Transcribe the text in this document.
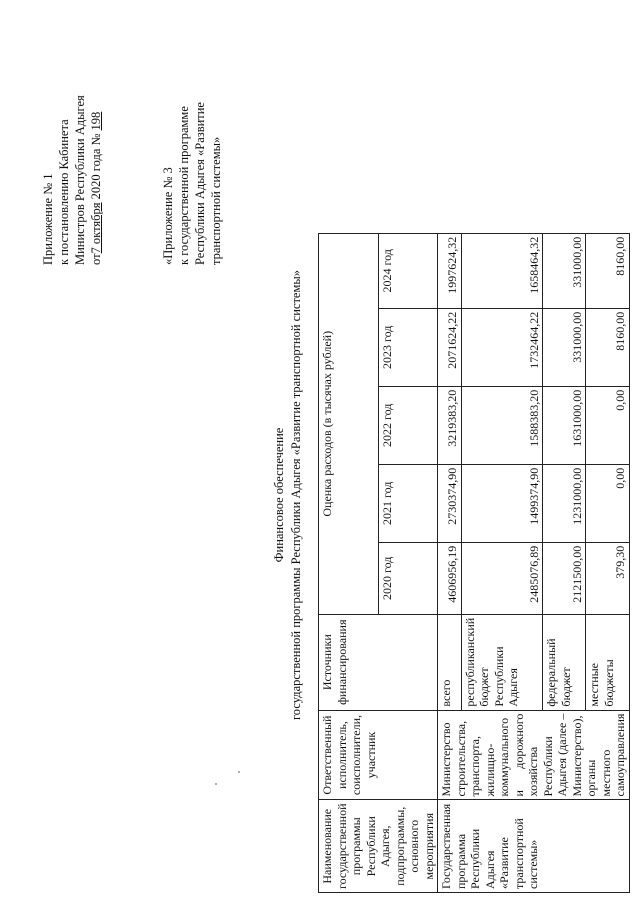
Приложение № 1 к постановлению Кабинета Министров Республики Адыгея от7 октября 2020 года № 198
«Приложение № 3 к государственной программе Республики Адыгея «Развитие транспортной системы»
Финансовое обеспечение государственной программы Республики Адыгея «Развитие транспортной системы»
Наименование государственной программы Республики Адыгея, подпрограммы, основного мероприятия	Ответственный исполнитель, соисполнители, участник	Источники финансирования	Оценка расходов (в тысячах рублей)				
			2020 год	2021 год	2022 год	2023 год	2024 год
Государственная программа Республики Адыгея «Развитие транспортной системы»	Министерство строительства, транспорта, жилищно-коммунального и дорожного хозяйства Республики Адыгея (далее – Министерство), органы местного самоуправления	всего	4606956,19	2730374,90	3219383,20	2071624,22	1997624,32
		республиканский бюджет Республики Адыгея	2485076,89	1499374,90	1588383,20	1732464,22	1658464,32
		федеральный бюджет	2121500,00	1231000,00	1631000,00	331000,00	331000,00
		местные бюджеты	379,30	0,00	0,00	8160,00	8160,00
